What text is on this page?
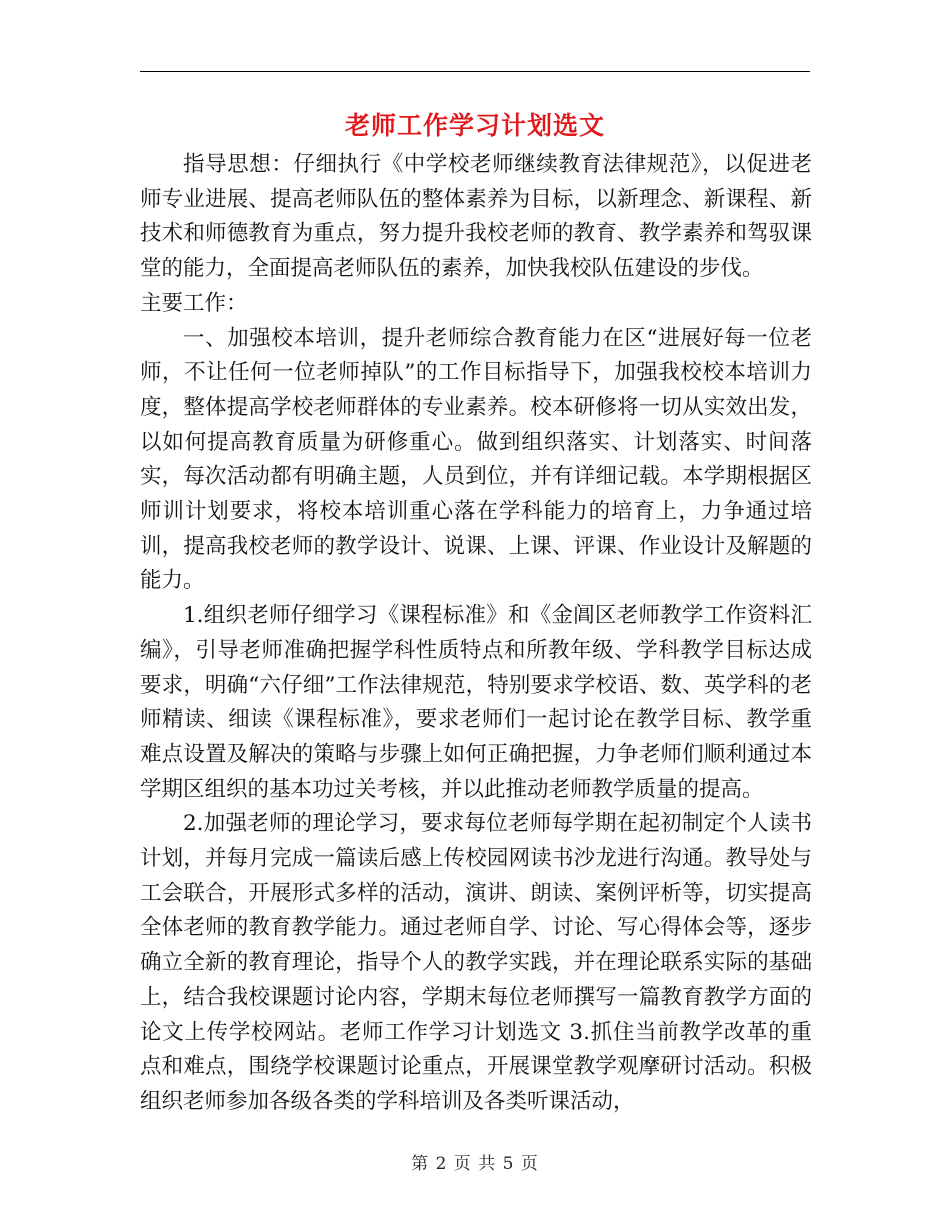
老师工作学习计划选文

指导思想：仔细执行《中学校老师继续教育法律规范》，以促进老师专业进展、提高老师队伍的整体素养为目标，以新理念、新课程、新技术和师德教育为重点，努力提升我校老师的教育、教学素养和驾驭课堂的能力，全面提高老师队伍的素养，加快我校队伍建设的步伐。

主要工作：

一、加强校本培训，提升老师综合教育能力在区“进展好每一位老师，不让任何一位老师掉队”的工作目标指导下，加强我校校本培训力度，整体提高学校老师群体的专业素养。校本研修将一切从实效出发，以如何提高教育质量为研修重心。做到组织落实、计划落实、时间落实，每次活动都有明确主题，人员到位，并有详细记载。本学期根据区师训计划要求，将校本培训重心落在学科能力的培育上，力争通过培训，提高我校老师的教学设计、说课、上课、评课、作业设计及解题的能力。

1.组织老师仔细学习《课程标准》和《金阊区老师教学工作资料汇编》，引导老师准确把握学科性质特点和所教年级、学科教学目标达成要求，明确“六仔细”工作法律规范，特别要求学校语、数、英学科的老师精读、细读《课程标准》，要求老师们一起讨论在教学目标、教学重难点设置及解决的策略与步骤上如何正确把握，力争老师们顺利通过本学期区组织的基本功过关考核，并以此推动老师教学质量的提高。

2.加强老师的理论学习，要求每位老师每学期在起初制定个人读书计划，并每月完成一篇读后感上传校园网读书沙龙进行沟通。教导处与工会联合，开展形式多样的活动，演讲、朗读、案例评析等，切实提高全体老师的教育教学能力。通过老师自学、讨论、写心得体会等，逐步确立全新的教育理论，指导个人的教学实践，并在理论联系实际的基础上，结合我校课题讨论内容，学期末每位老师撰写一篇教育教学方面的论文上传学校网站。老师工作学习计划选文 3.抓住当前教学改革的重点和难点，围绕学校课题讨论重点，开展课堂教学观摩研讨活动。积极组织老师参加各级各类的学科培训及各类听课活动，

第 2 页 共 5 页
